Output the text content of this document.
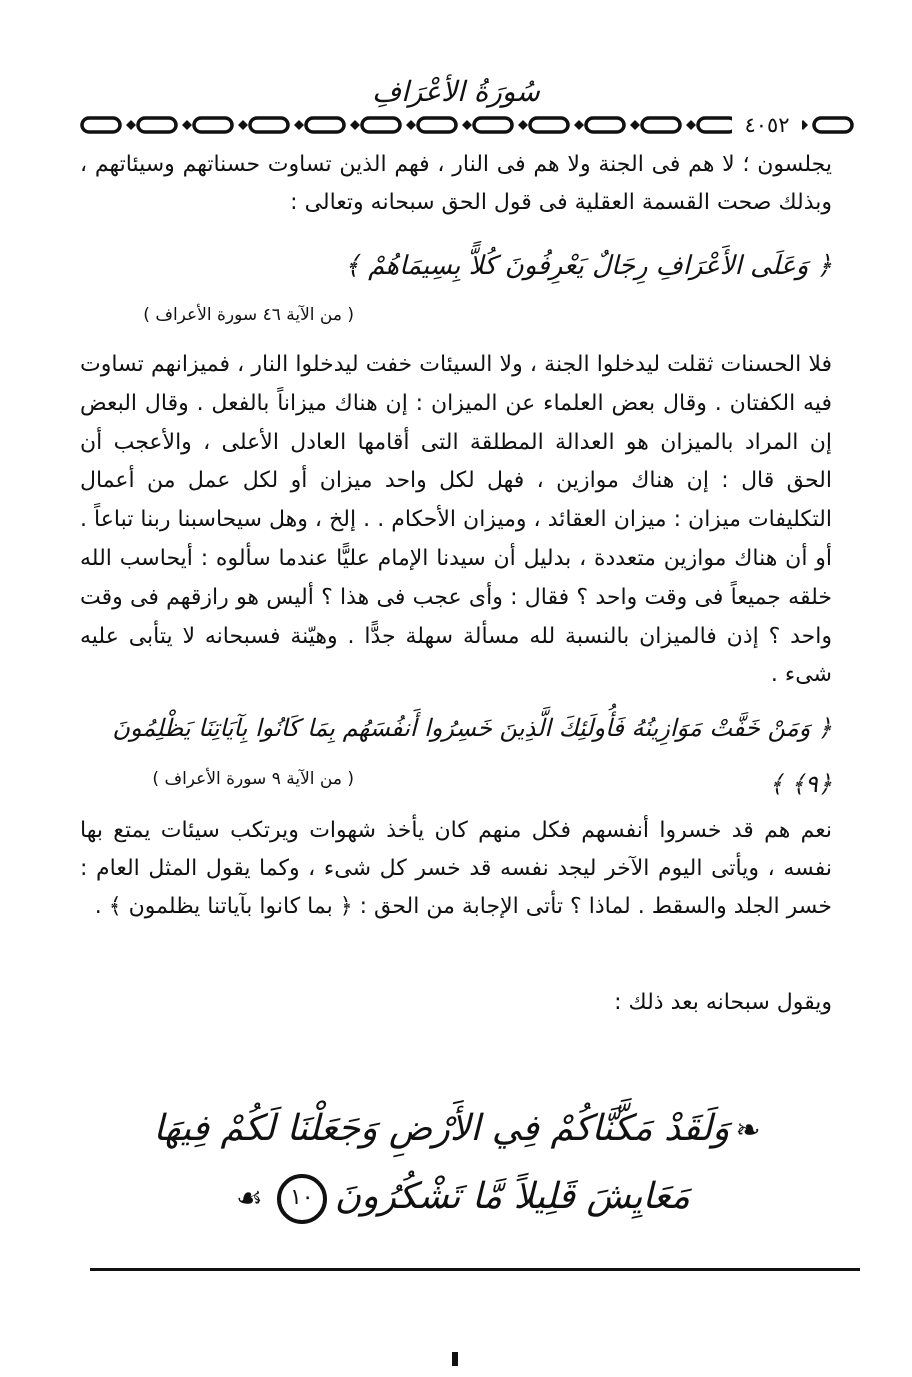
سُورَةُ الأعْرَافِ
٤٠٥٢
يجلسون ؛ لا هم فى الجنة ولا هم فى النار ، فهم الذين تساوت حسناتهم وسيئاتهم ، وبذلك صحت القسمة العقلية فى قول الحق سبحانه وتعالى :
﴿ وَعَلَى الأَعْرَافِ رِجَالٌ يَعْرِفُونَ كُلاًّ بِسِيمَاهُمْ ﴾
( من الآية ٤٦ سورة الأعراف )
فلا الحسنات ثقلت ليدخلوا الجنة ، ولا السيئات خفت ليدخلوا النار ، فميزانهم تساوت فيه الكفتان . وقال بعض العلماء عن الميزان : إن هناك ميزاناً بالفعل . وقال البعض إن المراد بالميزان هو العدالة المطلقة التى أقامها العادل الأعلى ، والأعجب أن الحق قال : إن هناك موازين ، فهل لكل واحد ميزان أو لكل عمل من أعمال التكليفات ميزان : ميزان العقائد ، وميزان الأحكام . . إلخ ، وهل سيحاسبنا ربنا تباعاً . أو أن هناك موازين متعددة ، بدليل أن سيدنا الإمام عليًّا عندما سألوه : أيحاسب الله خلقه جميعاً فى وقت واحد ؟ فقال : وأى عجب فى هذا ؟ أليس هو رازقهم فى وقت واحد ؟ إذن فالميزان بالنسبة لله مسألة سهلة جدًّا . وهيّنة فسبحانه لا يتأبى عليه شىء .
﴿ وَمَنْ خَفَّتْ مَوَازِينُهُ فَأُولَئِكَ الَّذِينَ خَسِرُوا أَنفُسَهُم بِمَا كَانُوا بِآيَاتِنَا يَظْلِمُونَ ﴿٩﴾ ﴾
( من الآية ٩ سورة الأعراف )
نعم هم قد خسروا أنفسهم فكل منهم كان يأخذ شهوات ويرتكب سيئات يمتع بها نفسه ، ويأتى اليوم الآخر ليجد نفسه قد خسر كل شىء ، وكما يقول المثل العام : خسر الجلد والسقط . لماذا ؟ تأتى الإجابة من الحق : ﴿ بما كانوا بآياتنا يظلمون ﴾ .
ويقول سبحانه بعد ذلك :
❧وَلَقَدْ مَكَّنَّاكُمْ فِي الأَرْضِ وَجَعَلْنَا لَكُمْ فِيهَا
مَعَايِشَ قَلِيلاً مَّا تَشْكُرُونَ١٠☙
